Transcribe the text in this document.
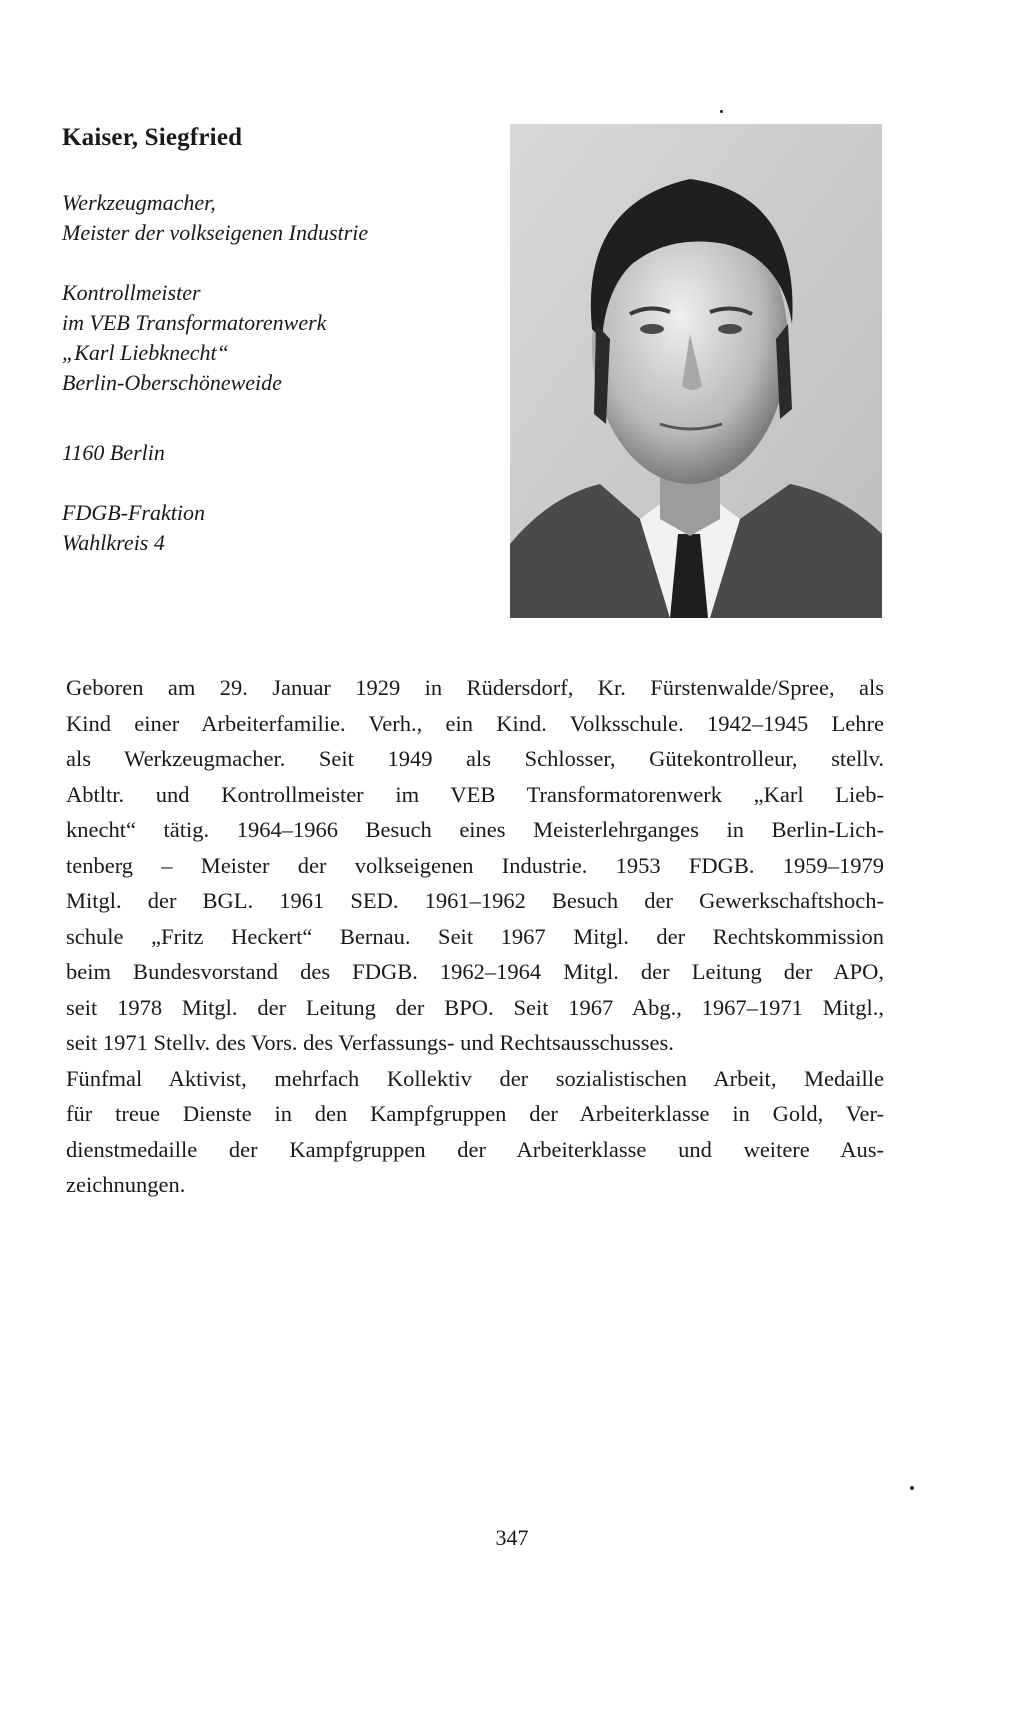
Kaiser, Siegfried
Werkzeugmacher,
Meister der volkseigenen Industrie
Kontrollmeister
im VEB Transformatorenwerk
„Karl Liebknecht“
Berlin-Oberschöneweide
1160 Berlin
FDGB-Fraktion
Wahlkreis 4
Geboren am 29. Januar 1929 in Rüdersdorf, Kr. Fürstenwalde/Spree, als
Kind einer Arbeiterfamilie. Verh., ein Kind. Volksschule. 1942–1945 Lehre
als Werkzeugmacher. Seit 1949 als Schlosser, Gütekontrolleur, stellv.
Abtltr. und Kontrollmeister im VEB Transformatorenwerk „Karl Lieb-
knecht“ tätig. 1964–1966 Besuch eines Meisterlehrganges in Berlin-Lich-
tenberg – Meister der volkseigenen Industrie. 1953 FDGB. 1959–1979
Mitgl. der BGL. 1961 SED. 1961–1962 Besuch der Gewerkschaftshoch-
schule „Fritz Heckert“ Bernau. Seit 1967 Mitgl. der Rechtskommission
beim Bundesvorstand des FDGB. 1962–1964 Mitgl. der Leitung der APO,
seit 1978 Mitgl. der Leitung der BPO. Seit 1967 Abg., 1967–1971 Mitgl.,
seit 1971 Stellv. des Vors. des Verfassungs- und Rechtsausschusses.
Fünfmal Aktivist, mehrfach Kollektiv der sozialistischen Arbeit, Medaille
für treue Dienste in den Kampfgruppen der Arbeiterklasse in Gold, Ver-
dienstmedaille der Kampfgruppen der Arbeiterklasse und weitere Aus-
zeichnungen.
347
